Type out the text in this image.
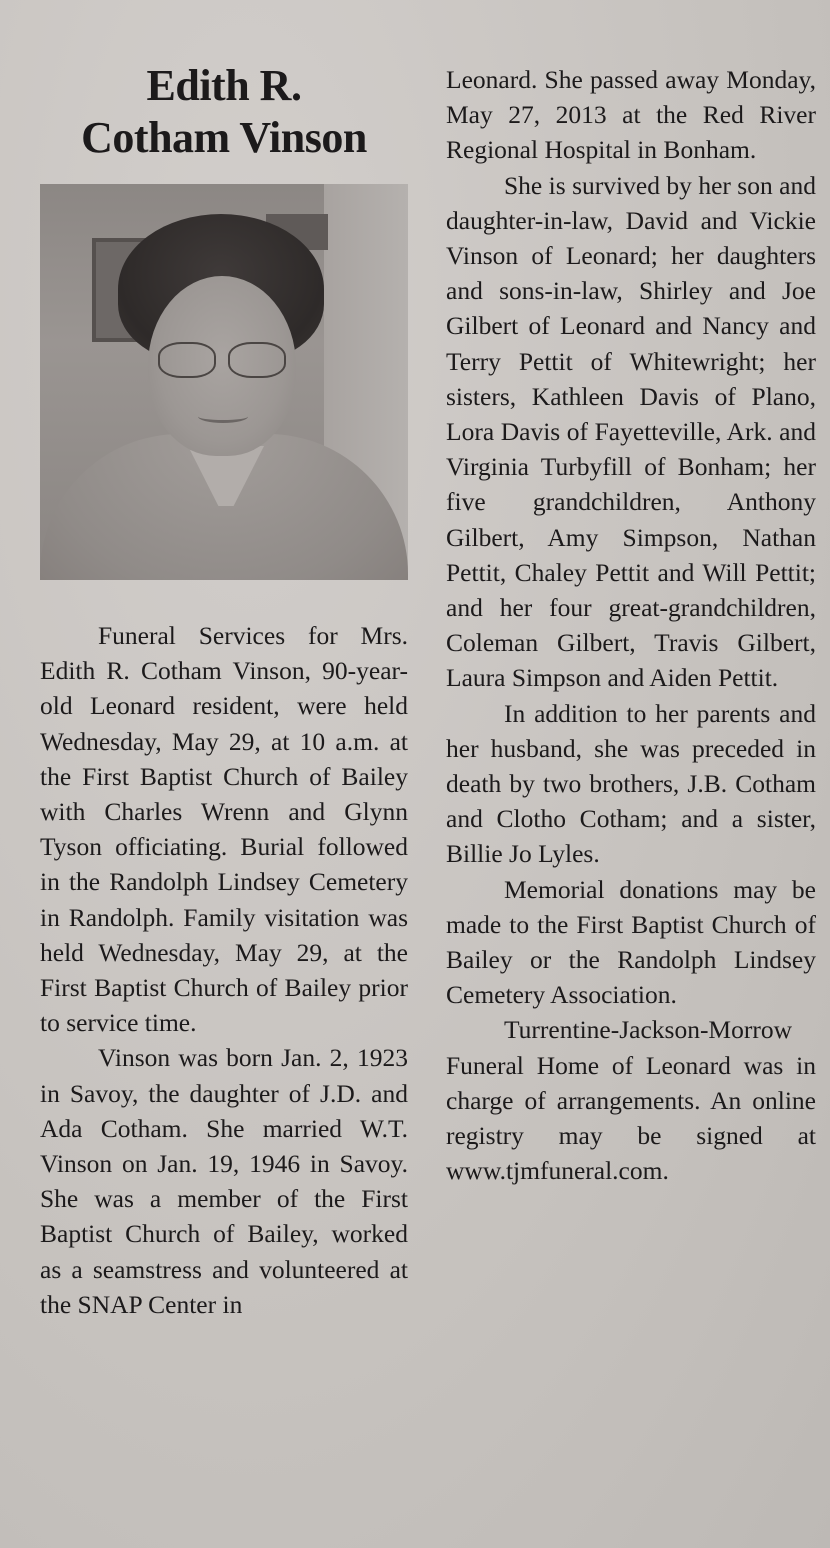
Edith R.
Cotham Vinson

Funeral Services for Mrs. Edith R. Cotham Vinson, 90-year-old Leonard resident, were held Wednesday, May 29, at 10 a.m. at the First Baptist Church of Bailey with Charles Wrenn and Glynn Tyson officiating. Burial followed in the Randolph Lindsey Cemetery in Randolph. Family visitation was held Wednesday, May 29, at the First Baptist Church of Bailey prior to service time.

Vinson was born Jan. 2, 1923 in Savoy, the daughter of J.D. and Ada Cotham. She married W.T. Vinson on Jan. 19, 1946 in Savoy. She was a member of the First Baptist Church of Bailey, worked as a seamstress and volunteered at the SNAP Center in

Leonard. She passed away Monday, May 27, 2013 at the Red River Regional Hospital in Bonham.

She is survived by her son and daughter-in-law, David and Vickie Vinson of Leonard; her daughters and sons-in-law, Shirley and Joe Gilbert of Leonard and Nancy and Terry Pettit of Whitewright; her sisters, Kathleen Davis of Plano, Lora Davis of Fayetteville, Ark. and Virginia Turbyfill of Bonham; her five grandchildren, Anthony Gilbert, Amy Simpson, Nathan Pettit, Chaley Pettit and Will Pettit; and her four great-grandchildren, Coleman Gilbert, Travis Gilbert, Laura Simpson and Aiden Pettit.

In addition to her parents and her husband, she was preceded in death by two brothers, J.B. Cotham and Clotho Cotham; and a sister, Billie Jo Lyles.

Memorial donations may be made to the First Baptist Church of Bailey or the Randolph Lindsey Cemetery Association.

Turrentine-Jackson-Morrow Funeral Home of Leonard was in charge of arrangements. An online registry may be signed at www.tjmfuneral.com.
